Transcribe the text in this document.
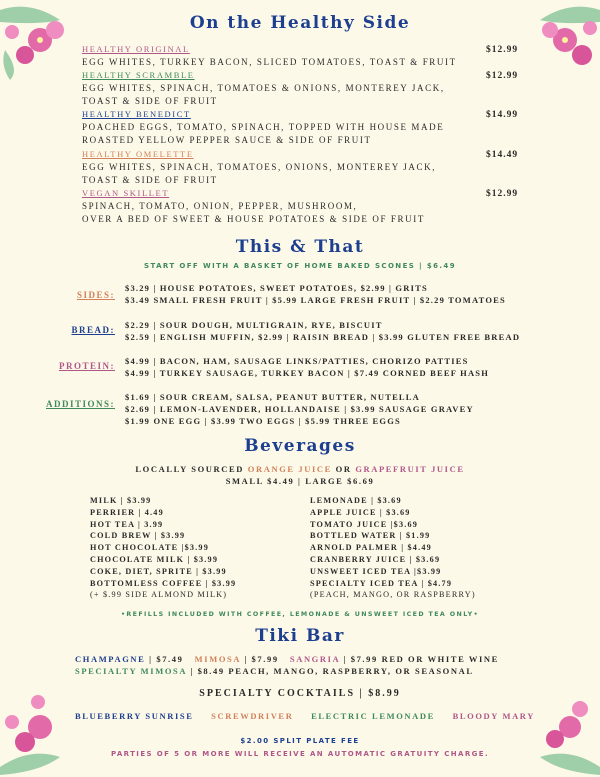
On the Healthy Side
HEALTHY ORIGINAL
EGG WHITES, TURKEY BACON, SLICED TOMATOES, TOAST & FRUIT
$12.99
HEALTHY SCRAMBLE
EGG WHITES, SPINACH, TOMATOES & ONIONS, MONTEREY JACK,
TOAST & SIDE OF FRUIT
$12.99
HEALTHY BENEDICT
POACHED EGGS, TOMATO, SPINACH, TOPPED WITH HOUSE MADE
ROASTED YELLOW PEPPER SAUCE & SIDE OF FRUIT
$14.99
HEALTHY OMELETTE
EGG WHITES, SPINACH, TOMATOES, ONIONS, MONTEREY JACK,
TOAST & SIDE OF FRUIT
$14.49
VEGAN SKILLET
SPINACH, TOMATO, ONION, PEPPER, MUSHROOM,
OVER A BED OF SWEET & HOUSE POTATOES & SIDE OF FRUIT
$12.99
This & That
START OFF WITH A BASKET OF HOME BAKED SCONES | $6.49
SIDES:
$3.29 | HOUSE POTATOES, SWEET POTATOES, $2.99 | GRITS
$3.49 SMALL FRESH FRUIT | $5.99 LARGE FRESH FRUIT | $2.29 TOMATOES
BREAD: $2.29 | SOUR DOUGH, MULTIGRAIN, RYE, BISCUIT
$2.59 | ENGLISH MUFFIN, $2.99 | RAISIN BREAD | $3.99 GLUTEN FREE BREAD
PROTEIN: $4.99 | BACON, HAM, SAUSAGE LINKS/PATTIES, CHORIZO PATTIES
$4.99 | TURKEY SAUSAGE, TURKEY BACON | $7.49 CORNED BEEF HASH
ADDITIONS:
$1.69 | SOUR CREAM, SALSA, PEANUT BUTTER, NUTELLA
$2.69 | LEMON-LAVENDER, HOLLANDAISE | $3.99 SAUSAGE GRAVEY
$1.99 ONE EGG | $3.99 TWO EGGS | $5.99 THREE EGGS
Beverages
LOCALLY SOURCED ORANGE JUICE OR GRAPEFRUIT JUICE
SMALL $4.49 | LARGE $6.69
MILK | $3.99
PERRIER | 4.49
HOT TEA | 3.99
COLD BREW | $3.99
HOT CHOCOLATE |$3.99
CHOCOLATE MILK | $3.99
COKE, DIET, SPRITE | $3.99
BOTTOMLESS COFFEE | $3.99
(+ $.99 SIDE ALMOND MILK)
LEMONADE | $3.69
APPLE JUICE | $3.69
TOMATO JUICE |$3.69
BOTTLED WATER | $1.99
ARNOLD PALMER | $4.49
CRANBERRY JUICE | $3.69
UNSWEET ICED TEA |$3.99
SPECIALTY ICED TEA | $4.79
(PEACH, MANGO, OR RASPBERRY)
•REFILLS INCLUDED WITH COFFEE, LEMONADE & UNSWEET ICED TEA ONLY•
Tiki Bar
CHAMPAGNE | $7.49 MIMOSA | $7.99 SANGRIA | $7.99 RED OR WHITE WINE
SPECIALTY MIMOSA | $8.49 PEACH, MANGO, RASPBERRY, OR SEASONAL
SPECIALTY COCKTAILS | $8.99
BLUEBERRY SUNRISE SCREWDRIVER ELECTRIC LEMONADE BLOODY MARY
$2.00 SPLIT PLATE FEE
PARTIES OF 5 OR MORE WILL RECEIVE AN AUTOMATIC GRATUITY CHARGE.
